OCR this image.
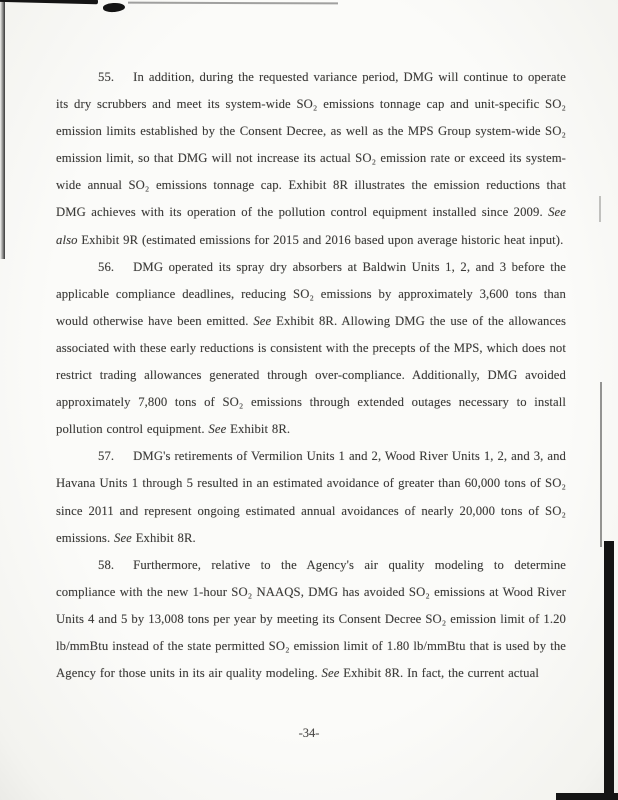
55. In addition, during the requested variance period, DMG will continue to operate its dry scrubbers and meet its system-wide SO₂ emissions tonnage cap and unit-specific SO₂ emission limits established by the Consent Decree, as well as the MPS Group system-wide SO₂ emission limit, so that DMG will not increase its actual SO₂ emission rate or exceed its system-wide annual SO₂ emissions tonnage cap. Exhibit 8R illustrates the emission reductions that DMG achieves with its operation of the pollution control equipment installed since 2009. See also Exhibit 9R (estimated emissions for 2015 and 2016 based upon average historic heat input).

56. DMG operated its spray dry absorbers at Baldwin Units 1, 2, and 3 before the applicable compliance deadlines, reducing SO₂ emissions by approximately 3,600 tons than would otherwise have been emitted. See Exhibit 8R. Allowing DMG the use of the allowances associated with these early reductions is consistent with the precepts of the MPS, which does not restrict trading allowances generated through over-compliance. Additionally, DMG avoided approximately 7,800 tons of SO₂ emissions through extended outages necessary to install pollution control equipment. See Exhibit 8R.

57. DMG's retirements of Vermilion Units 1 and 2, Wood River Units 1, 2, and 3, and Havana Units 1 through 5 resulted in an estimated avoidance of greater than 60,000 tons of SO₂ since 2011 and represent ongoing estimated annual avoidances of nearly 20,000 tons of SO₂ emissions. See Exhibit 8R.

58. Furthermore, relative to the Agency's air quality modeling to determine compliance with the new 1-hour SO₂ NAAQS, DMG has avoided SO₂ emissions at Wood River Units 4 and 5 by 13,008 tons per year by meeting its Consent Decree SO₂ emission limit of 1.20 lb/mmBtu instead of the state permitted SO₂ emission limit of 1.80 lb/mmBtu that is used by the Agency for those units in its air quality modeling. See Exhibit 8R. In fact, the current actual

-34-
